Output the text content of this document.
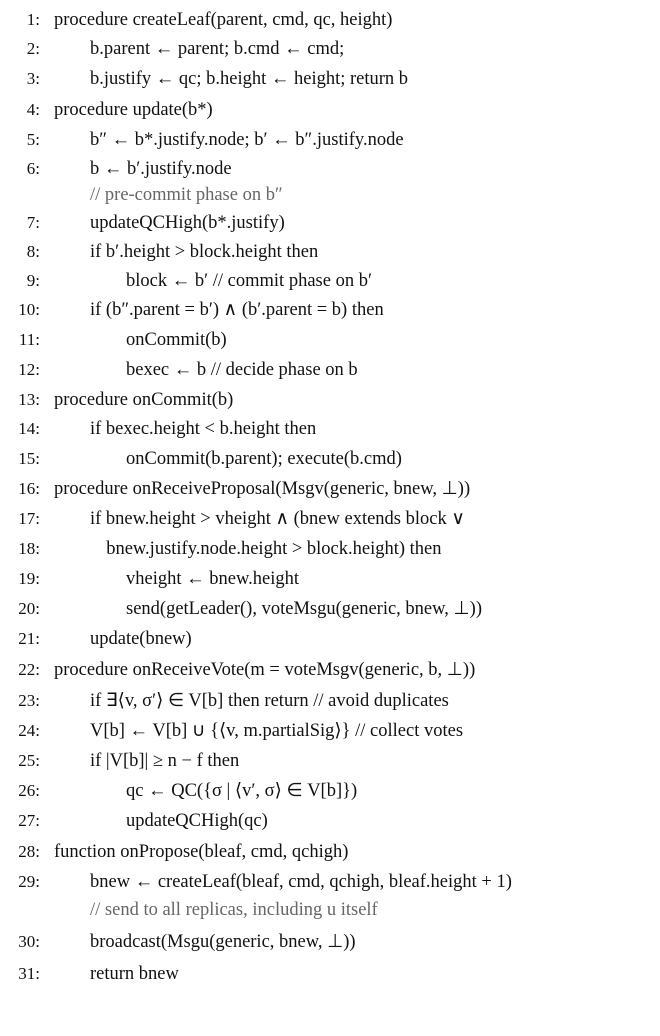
1: procedure createLeaf(parent, cmd, qc, height)
2:	b.parent ← parent; b.cmd ← cmd;
3:	b.justify ← qc; b.height ← height; return b
4: procedure update(b*)
5:	b″ ← b*.justify.node; b′ ← b″.justify.node
6:	b ← b′.justify.node
// pre-commit phase on b″
7:	updateQCHigh(b*.justify)
8:	if b′.height > block.height then
9:	block ← b′ // commit phase on b′
10:	if (b″.parent = b′) ∧ (b′.parent = b) then
11:	onCommit(b)
12:	bexec ← b // decide phase on b
13: procedure onCommit(b)
14:	if bexec.height < b.height then
15:	onCommit(b.parent); execute(b.cmd)
16: procedure onReceiveProposal(Msgv(generic, bnew, ⊥))
17:	if bnew.height > vheight ∧ (bnew extends block ∨
18:	bnew.justify.node.height > block.height) then
19:	vheight ← bnew.height
20:	send(getLeader(), voteMsgu(generic, bnew, ⊥))
21:	update(bnew)
22: procedure onReceiveVote(m = voteMsgv(generic, b, ⊥))
23:	if ∃⟨v, σ′⟩ ∈ V[b] then return // avoid duplicates
24:	V[b] ← V[b] ∪ {⟨v, m.partialSig⟩} // collect votes
25:	if |V[b]| ≥ n − f then
26:	qc ← QC({σ | ⟨v′, σ⟩ ∈ V[b]})
27:	updateQCHigh(qc)
28: function onPropose(bleaf, cmd, qchigh)
29:	bnew ← createLeaf(bleaf, cmd, qchigh, bleaf.height + 1)
// send to all replicas, including u itself
30:	broadcast(Msgu(generic, bnew, ⊥))
31:	return bnew
